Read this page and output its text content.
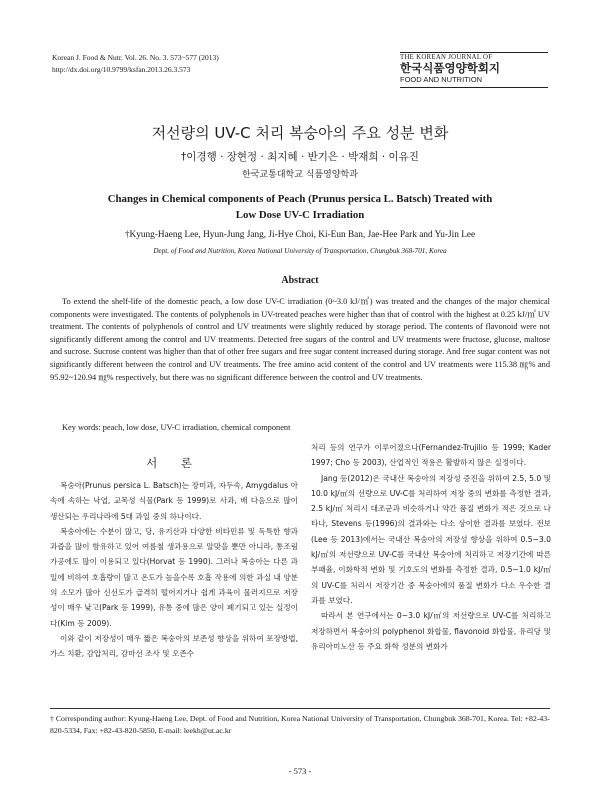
Korean J. Food & Nutr. Vol. 26. No. 3. 573~577 (2013)
http://dx.doi.org/10.9799/ksfan.2013.26.3.573
THE KOREAN JOURNAL OF
한국식품영양학회지
FOOD AND NUTRITION
저선량의 UV-C 처리 복숭아의 주요 성분 변화
†이경행 · 장현정 · 최지혜 · 반기은 · 박재희 · 이유진
한국교통대학교 식품영양학과
Changes in Chemical components of Peach (Prunus persica L. Batsch) Treated with
Low Dose UV-C Irradiation
†Kyung-Haeng Lee, Hyun-Jung Jang, Ji-Hye Choi, Ki-Eun Ban, Jae-Hee Park and Yu-Jin Lee
Dept. of Food and Nutrition, Korea National University of Transportation, Chungbuk 368-701, Korea
Abstract
To extend the shelf-life of the domestic peach, a low dose UV-C irradiation (0~3.0 kJ/㎡) was treated and the changes of the major chemical components were investigated. The contents of polyphenols in UV-treated peaches were higher than that of control with the highest at 0.25 kJ/㎡ UV treatment. The contents of polyphenols of control and UV treatments were slightly reduced by storage period. The contents of flavonoid were not significantly different among the control and UV treatments. Detected free sugars of the control and UV treatments were fructose, glucose, maltose and sucrose. Sucrose content was higher than that of other free sugars and free sugar content increased during storage. And free sugar content was not significantly different between the control and UV treatments. The free amino acid content of the control and UV treatments were 115.38 ㎎% and 95.92~120.94 ㎎% respectively, but there was no significant difference between the control and UV treatments.
Key words: peach, low dose, UV-C irradiation, chemical component
서 론

복숭아(Prunus persica L. Batsch)는 장미과, 자두속, Amygdalus 아속에 속하는 낙엽, 교목성 식물(Park 등 1999)로 사과, 배 다음으로 많이 생산되는 우리나라에 5대 과일 중의 하나이다.

복숭아에는 수분이 많고, 당, 유기산과 다양한 비타민류 및 독특한 향과 과즙을 많이 함유하고 있어 여름철 생과용으로 알맞을 뿐만 아니라, 통조림 가공에도 많이 이용되고 있다(Horvat 등 1990). 그러나 복숭아는 다른 과일에 비하여 호흡량이 많고 온도가 높을수록 호흡 작용에 의한 과실 내 양분의 소모가 많아 신선도가 급격히 떨어지거나 쉽게 과육이 물러지므로 저장성이 매우 낮고(Park 등 1999), 유통 중에 많은 양이 폐기되고 있는 실정이다(Kim 등 2009).

이와 같이 저장성이 매우 짧은 복숭아의 보존성 향상을 위하여 포장방법, 가스 치환, 감압처리, 감마선 조사 및 오존수

처리 등의 연구가 이루어졌으나(Fernandez-Trujilio 등 1999; Kader 1997; Cho 등 2003), 산업적인 적용은 활발하지 않은 실정이다.

Jang 등(2012)은 국내산 복숭아의 저장성 증진을 위하여 2.5, 5.0 및 10.0 kJ/㎡의 선량으로 UV-C를 처리하여 저장 중의 변화를 측정한 결과, 2.5 kJ/㎡ 처리시 대조군과 비슷하거나 약간 품질 변화가 적은 것으로 나타나, Stevens 등(1996)의 결과와는 다소 상이한 결과를 보였다. 전보(Lee 등 2013)에서는 국내산 복숭아의 저장성 향상을 위하여 0.5~3.0 kJ/㎡의 저선량으로 UV-C를 국내산 복숭아에 처리하고 저장기간에 따른 부패율, 이화학적 변화 및 기호도의 변화를 측정한 결과, 0.5~1.0 kJ/㎡의 UV-C를 처리시 저장기간 중 복숭아에의 품질 변화가 다소 우수한 결과를 보였다.

따라서 본 연구에서는 0~3.0 kJ/㎡의 저선량으로 UV-C를 처리하고 저장하면서 복숭아의 polyphenol 화합물, flavonoid 화합물, 유리당 및 유리아미노산 등 주요 화학 성분의 변화가

† Corresponding author: Kyung-Haeng Lee, Dept. of Food and Nutrition, Korea National University of Transportation, Chungbuk 368-701, Korea. Tel: +82-43-820-5334, Fax: +82-43-820-5850, E-mail: leekh@ut.ac.kr
- 573 -
